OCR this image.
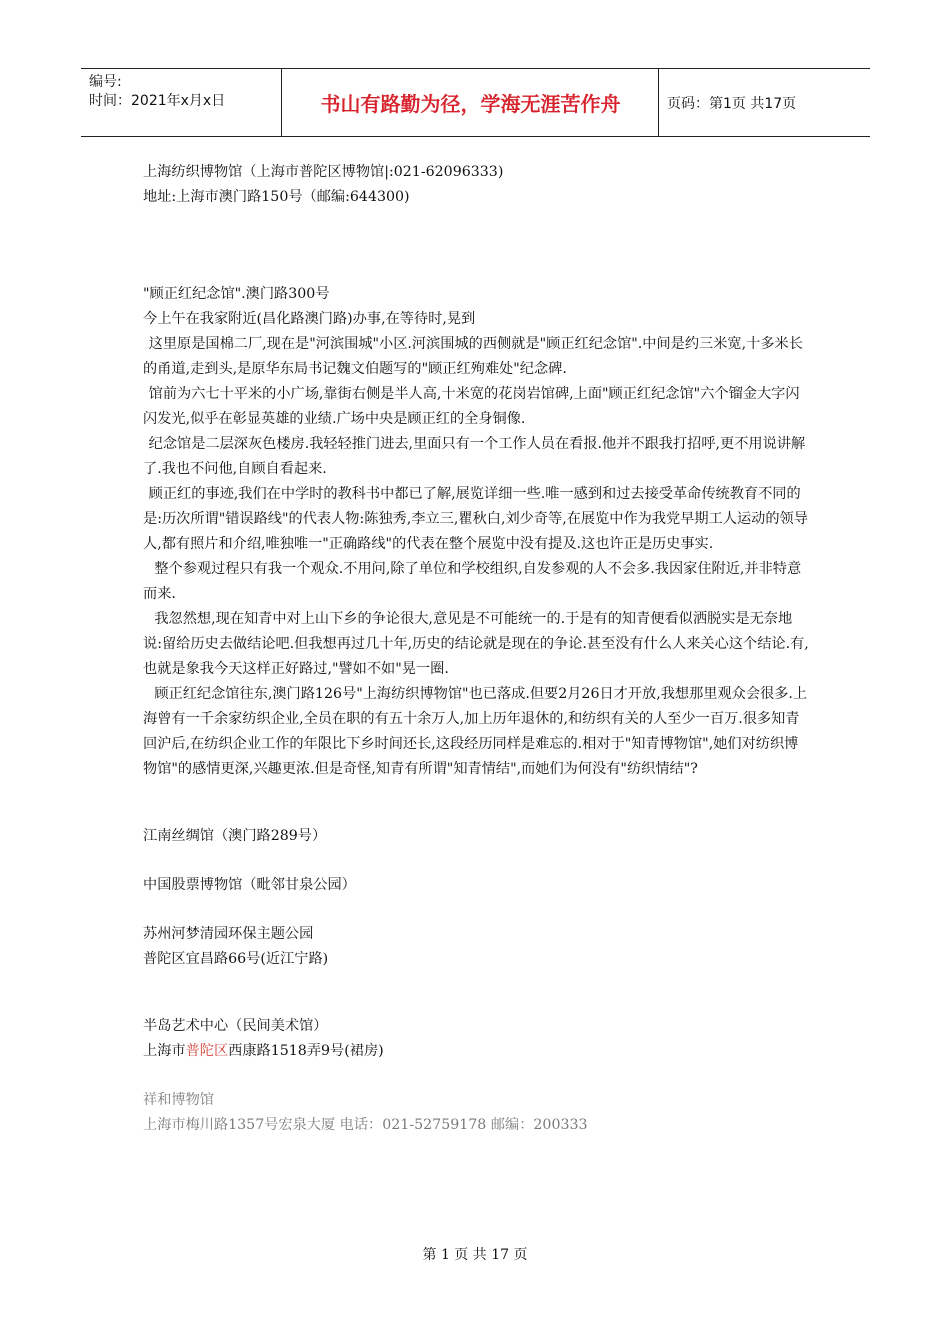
编号:
时间：2021年x月x日	书山有路勤为径，学海无涯苦作舟	页码：第1页 共17页

上海纺织博物馆（上海市普陀区博物馆|:021-62096333)

地址:上海市澳门路150号（邮编:644300)

"顾正红纪念馆".澳门路300号

今上午在我家附近(昌化路澳门路)办事,在等待时,晃到

这里原是国棉二厂,现在是"河滨围城"小区.河滨围城的西侧就是"顾正红纪念馆".中间是约三米宽,十多米长的甬道,走到头,是原华东局书记魏文伯题写的"顾正红殉难处"纪念碑.

馆前为六七十平米的小广场,靠街右侧是半人高,十米宽的花岗岩馆碑,上面"顾正红纪念馆"六个镏金大字闪闪发光,似乎在彰显英雄的业绩.广场中央是顾正红的全身铜像.

纪念馆是二层深灰色楼房.我轻轻推门进去,里面只有一个工作人员在看报.他并不跟我打招呼,更不用说讲解了.我也不问他,自顾自看起来.

顾正红的事迹,我们在中学时的教科书中都已了解,展览详细一些.唯一感到和过去接受革命传统教育不同的是:历次所谓"错误路线"的代表人物:陈独秀,李立三,瞿秋白,刘少奇等,在展览中作为我党早期工人运动的领导人,都有照片和介绍,唯独唯一"正确路线"的代表在整个展览中没有提及.这也许正是历史事实.

整个参观过程只有我一个观众.不用问,除了单位和学校组织,自发参观的人不会多.我因家住附近,并非特意而来.

我忽然想,现在知青中对上山下乡的争论很大,意见是不可能统一的.于是有的知青便看似洒脱实是无奈地说:留给历史去做结论吧.但我想再过几十年,历史的结论就是现在的争论.甚至没有什么人来关心这个结论.有,也就是象我今天这样正好路过,"譬如不如"晃一圈.

顾正红纪念馆往东,澳门路126号"上海纺织博物馆"也已落成.但要2月26日才开放,我想那里观众会很多.上海曾有一千余家纺织企业,全员在职的有五十余万人,加上历年退休的,和纺织有关的人至少一百万.很多知青回沪后,在纺织企业工作的年限比下乡时间还长,这段经历同样是难忘的.相对于"知青博物馆",她们对纺织博物馆"的感情更深,兴趣更浓.但是奇怪,知青有所谓"知青情结",而她们为何没有"纺织情结"?

江南丝绸馆（澳门路289号）

中国股票博物馆（毗邻甘泉公园）

苏州河梦清园环保主题公园

普陀区宜昌路66号(近江宁路)

半岛艺术中心（民间美术馆）

上海市普陀区西康路1518弄9号(裙房)

祥和博物馆

上海市梅川路1357号宏泉大厦 电话：021-52759178 邮编：200333

第 1 页 共 17 页
